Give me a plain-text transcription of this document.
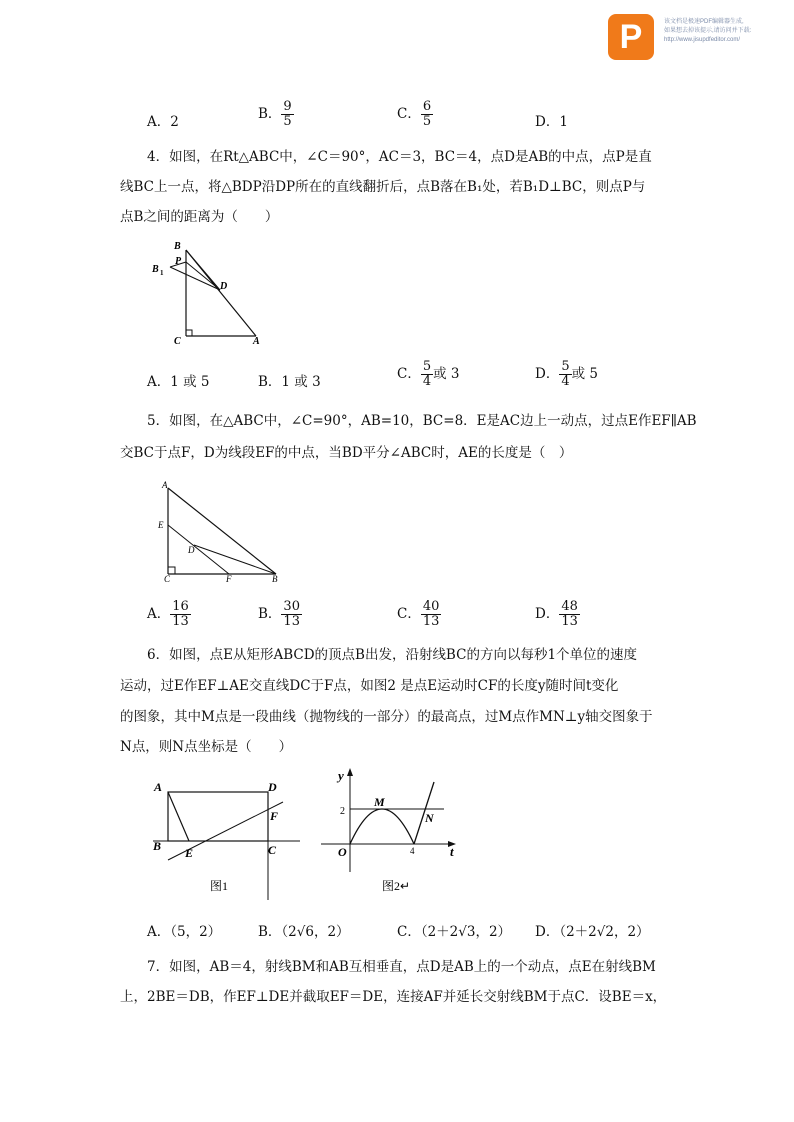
P	该文档是极速PDF编辑器生成,
如果想去掉该提示,请访问并下载:
http://www.jisupdfeditor.com/
A．2	B． $\frac{9}{5}$	C． $\frac{6}{5}$	D．1
4．如图，在Rt△ABC中，∠C＝90°，AC＝3，BC＝4，点D是AB的中点，点P是直
线BC上一点，将△BDP沿DP所在的直线翻折后，点B落在B₁处，若B₁D⊥BC，则点P与
点B之间的距离为（　　）
B
P
B 1
D
C	A
A．1 或 5	B．1 或 3	C． $\frac{5}{4}$ 或 3	D． $\frac{5}{4}$ 或 5
5．如图，在△ABC中，∠C=90°，AB=10，BC=8．E是AC边上一动点，过点E作EF∥AB
交BC于点F，D为线段EF的中点，当BD平分∠ABC时，AE的长度是（　）
A
E
D
C	F	B
A． $\frac{16}{13}$	B． $\frac{30}{13}$	C． $\frac{40}{13}$	D． $\frac{48}{13}$
6．如图，点E从矩形ABCD的顶点B出发，沿射线BC的方向以每秒1个单位的速度
运动，过E作EF⊥AE交直线DC于F点，如图2 是点E运动时CF的长度y随时间t变化
的图象，其中M点是一段曲线（抛物线的一部分）的最高点，过M点作MN⊥y轴交图象于
N点，则N点坐标是（　　）
A	D
F
B E	C
图1
y
2
M
N
O	4	t
图2↵
A．（5，2）	B．（2√6，2）	C．（2＋2√3，2） D．（2＋2√2，2）
7．如图，AB＝4，射线BM和AB互相垂直，点D是AB上的一个动点，点E在射线BM
上，2BE＝DB，作EF⊥DE并截取EF＝DE，连接AF并延长交射线BM于点C．设BE＝x，
